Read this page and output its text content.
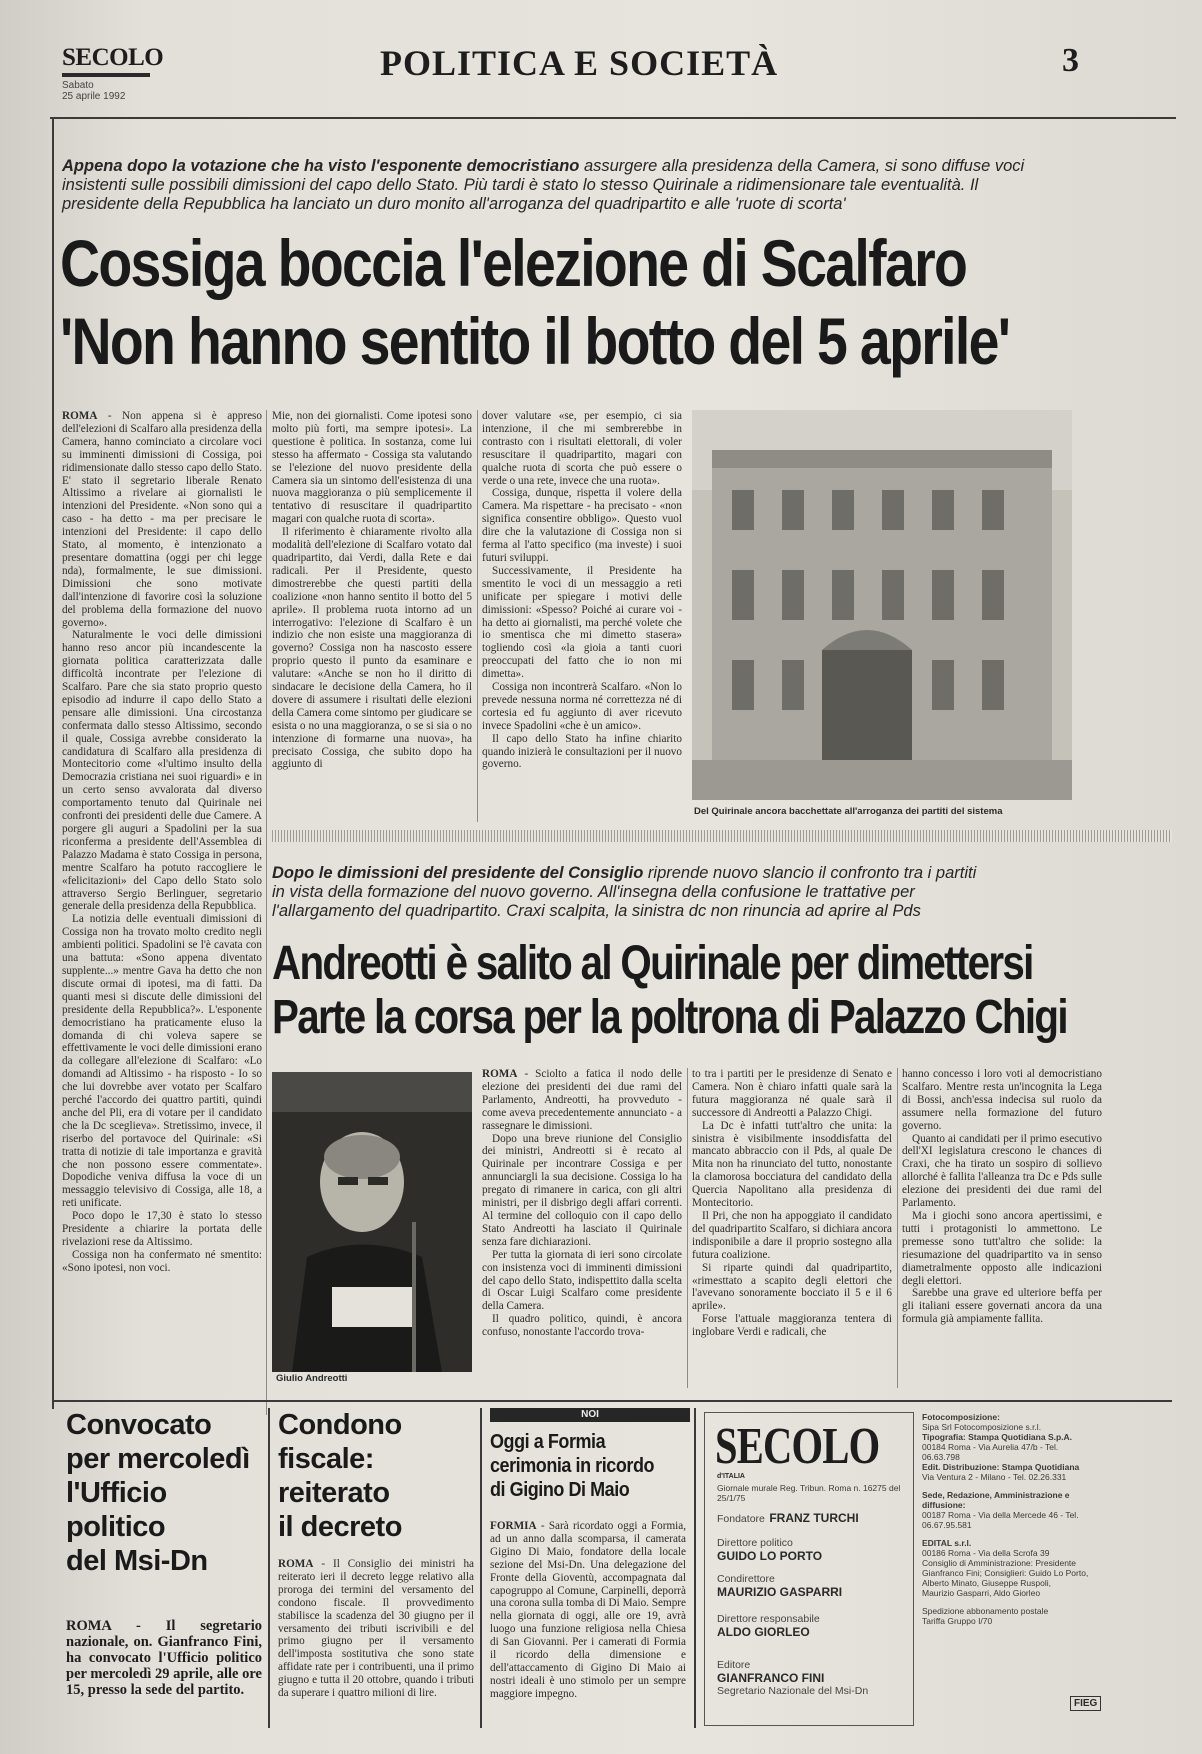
SECOLO
Sabato
25 aprile 1992
POLITICA E SOCIETÀ	3
Appena dopo la votazione che ha visto l'esponente democristiano assurgere alla presidenza della Camera, si sono diffuse voci insistenti sulle possibili dimissioni del capo dello Stato. Più tardi è stato lo stesso Quirinale a ridimensionare tale eventualità. Il presidente della Repubblica ha lanciato un duro monito all'arroganza del quadripartito e alle 'ruote di scorta'
Cossiga boccia l'elezione di Scalfaro
'Non hanno sentito il botto del 5 aprile'

ROMA - Non appena si è appreso dell'elezioni di Scalfaro alla presidenza della Camera, hanno cominciato a circolare voci su imminenti dimissioni di Cossiga, poi ridimensionate dallo stesso capo dello Stato. E' stato il segretario liberale Renato Altissimo a rivelare ai giornalisti le intenzioni del Presidente. «Non sono qui a caso - ha detto - ma per precisare le intenzioni del Presidente: il capo dello Stato, al momento, è intenzionato a presentare domattina (oggi per chi legge nda), formalmente, le sue dimissioni. Dimissioni che sono motivate dall'intenzione di favorire così la soluzione del problema della formazione del nuovo governo».

Naturalmente le voci delle dimissioni hanno reso ancor più incandescente la giornata politica caratterizzata dalle difficoltà incontrate per l'elezione di Scalfaro. Pare che sia stato proprio questo episodio ad indurre il capo dello Stato a pensare alle dimissioni. Una circostanza confermata dallo stesso Altissimo, secondo il quale, Cossiga avrebbe considerato la candidatura di Scalfaro alla presidenza di Montecitorio come «l'ultimo insulto della Democrazia cristiana nei suoi riguardi» e in un certo senso avvalorata dal diverso comportamento tenuto dal Quirinale nei confronti dei presidenti delle due Camere. A porgere gli auguri a Spadolini per la sua riconferma a presidente dell'Assemblea di Palazzo Madama è stato Cossiga in persona, mentre Scalfaro ha potuto raccogliere le «felicitazioni» del Capo dello Stato solo attraverso Sergio Berlinguer, segretario generale della presidenza della Repubblica.

La notizia delle eventuali dimissioni di Cossiga non ha trovato molto credito negli ambienti politici. Spadolini se l'è cavata con una battuta: «Sono appena diventato supplente...» mentre Gava ha detto che non discute ormai di ipotesi, ma di fatti. Da quanti mesi si discute delle dimissioni del presidente della Repubblica?». L'esponente democristiano ha praticamente eluso la domanda di chi voleva sapere se effettivamente le voci delle dimissioni erano da collegare all'elezione di Scalfaro: «Lo domandi ad Altissimo - ha risposto - Io so che lui dovrebbe aver votato per Scalfaro perché l'accordo dei quattro partiti, quindi anche del Pli, era di votare per il candidato che la Dc sceglieva». Stretissimo, invece, il riserbo del portavoce del Quirinale: «Si tratta di notizie di tale importanza e gravità che non possono essere commentate». Dopodiche veniva diffusa la voce di un messaggio televisivo di Cossiga, alle 18, a reti unificate.

Poco dopo le 17,30 è stato lo stesso Presidente a chiarire la portata delle rivelazioni rese da Altissimo.

Cossiga non ha confermato né smentito: «Sono ipotesi, non voci.

Mie, non dei giornalisti. Come ipotesi sono molto più forti, ma sempre ipotesi». La questione è politica. In sostanza, come lui stesso ha affermato - Cossiga sta valutando se l'elezione del nuovo presidente della Camera sia un sintomo dell'esistenza di una nuova maggioranza o più semplicemente il tentativo di resuscitare il quadripartito magari con qualche ruota di scorta».

Il riferimento è chiaramente rivolto alla modalità dell'elezione di Scalfaro votato dal quadripartito, dai Verdi, dalla Rete e dai radicali. Per il Presidente, questo dimostrerebbe che questi partiti della coalizione «non hanno sentito il botto del 5 aprile». Il problema ruota intorno ad un interrogativo: l'elezione di Scalfaro è un indizio che non esiste una maggioranza di governo? Cossiga non ha nascosto essere proprio questo il punto da esaminare e valutare: «Anche se non ho il diritto di sindacare le decisione della Camera, ho il dovere di assumere i risultati delle elezioni della Camera come sintomo per giudicare se esista o no una maggioranza, o se si sia o no intenzione di formarne una nuova», ha precisato Cossiga, che subito dopo ha aggiunto di

dover valutare «se, per esempio, ci sia intenzione, il che mi sembrerebbe in contrasto con i risultati elettorali, di voler resuscitare il quadripartito, magari con qualche ruota di scorta che può essere o verde o una rete, invece che una ruota».

Cossiga, dunque, rispetta il volere della Camera. Ma rispettare - ha precisato - «non significa consentire obbligo». Questo vuol dire che la valutazione di Cossiga non si ferma al l'atto specifico (ma investe) i suoi futuri sviluppi.

Successivamente, il Presidente ha smentito le voci di un messaggio a reti unificate per spiegare i motivi delle dimissioni: «Spesso? Poiché ai curare voi - ha detto ai giornalisti, ma perché volete che io smentisca che mi dimetto stasera» togliendo così «la gioia a tanti cuori preoccupati del fatto che io non mi dimetta».

Cossiga non incontrerà Scalfaro. «Non lo prevede nessuna norma né correttezza né di cortesia ed fu aggiunto di aver ricevuto invece Spadolini «che è un amico».

Il capo dello Stato ha infine chiarito quando inizierà le consultazioni per il nuovo governo.

Del Quirinale ancora bacchettate all'arroganza dei partiti del sistema
Dopo le dimissioni del presidente del Consiglio riprende nuovo slancio il confronto tra i partiti in vista della formazione del nuovo governo. All'insegna della confusione le trattative per l'allargamento del quadripartito. Craxi scalpita, la sinistra dc non rinuncia ad aprire al Pds
Andreotti è salito al Quirinale per dimettersi
Parte la corsa per la poltrona di Palazzo Chigi
Giulio Andreotti

ROMA - Sciolto a fatica il nodo delle elezione dei presidenti dei due rami del Parlamento, Andreotti, ha provveduto - come aveva precedentemente annunciato - a rassegnare le dimissioni.

Dopo una breve riunione del Consiglio dei ministri, Andreotti si è recato al Quirinale per incontrare Cossiga e per annunciargli la sua decisione. Cossiga lo ha pregato di rimanere in carica, con gli altri ministri, per il disbrigo degli affari correnti. Al termine del colloquio con il capo dello Stato Andreotti ha lasciato il Quirinale senza fare dichiarazioni.

Per tutta la giornata di ieri sono circolate con insistenza voci di imminenti dimissioni del capo dello Stato, indispettito dalla scelta di Oscar Luigi Scalfaro come presidente della Camera.

Il quadro politico, quindi, è ancora confuso, nonostante l'accordo trova-

to tra i partiti per le presidenze di Senato e Camera. Non è chiaro infatti quale sarà la futura maggioranza né quale sarà il successore di Andreotti a Palazzo Chigi.

La Dc è infatti tutt'altro che unita: la sinistra è visibilmente insoddisfatta del mancato abbraccio con il Pds, al quale De Mita non ha rinunciato del tutto, nonostante la clamorosa bocciatura del candidato della Quercia Napolitano alla presidenza di Montecitorio.

Il Pri, che non ha appoggiato il candidato del quadripartito Scalfaro, si dichiara ancora indisponibile a dare il proprio sostegno alla futura coalizione.

Si riparte quindi dal quadripartito, «rimesttato a scapito degli elettori che l'avevano sonoramente bocciato il 5 e il 6 aprile».

Forse l'attuale maggioranza tentera di inglobare Verdi e radicali, che

hanno concesso i loro voti al democristiano Scalfaro. Mentre resta un'incognita la Lega di Bossi, anch'essa indecisa sul ruolo da assumere nella formazione del futuro governo.

Quanto ai candidati per il primo esecutivo dell'XI legislatura crescono le chances di Craxi, che ha tirato un sospiro di sollievo allorché è fallita l'alleanza tra Dc e Pds sulle elezione dei presidenti dei due rami del Parlamento.

Ma i giochi sono ancora apertissimi, e tutti i protagonisti lo ammettono. Le premesse sono tutt'altro che solide: la riesumazione del quadripartito va in senso diametralmente opposto alle indicazioni degli elettori.

Sarebbe una grave ed ulteriore beffa per gli italiani essere governati ancora da una formula già ampiamente fallita.

Convocato
per mercoledì
l'Ufficio
politico
del Msi-Dn
ROMA - Il segretario nazionale, on. Gianfranco Fini, ha convocato l'Ufficio politico per mercoledì 29 aprile, alle ore 15, presso la sede del partito.
Condono
fiscale:
reiterato
il decreto

ROMA - Il Consiglio dei ministri ha reiterato ieri il decreto legge relativo alla proroga dei termini del versamento del condono fiscale. Il provvedimento stabilisce la scadenza del 30 giugno per il versamento dei tributi iscrivibili e del primo giugno per il versamento dell'imposta sostitutiva che sono state affidate rate per i contribuenti, una il primo giugno e tutta il 20 ottobre, quando i tributi da superare i quattro milioni di lire.

NOI
Oggi a Formia
cerimonia in ricordo
di Gigino Di Maio

FORMIA - Sarà ricordato oggi a Formia, ad un anno dalla scomparsa, il camerata Gigino Di Maio, fondatore della locale sezione del Msi-Dn. Una delegazione del Fronte della Gioventù, accompagnata dal capogruppo al Comune, Carpinelli, deporrà una corona sulla tomba di Di Maio. Sempre nella giornata di oggi, alle ore 19, avrà luogo una funzione religiosa nella Chiesa di San Giovanni. Per i camerati di Formia il ricordo della dimensione e dell'attaccamento di Gigino Di Maio ai nostri ideali è uno stimolo per un sempre maggiore impegno.

SECOLO
d'ITALIA
Giornale murale Reg. Tribun. Roma n. 16275 del 25/1/75
Fondatore FRANZ TURCHI
Direttore politico
GUIDO LO PORTO
Condirettore
MAURIZIO GASPARRI
Direttore responsabile
ALDO GIORLEO
Editore
GIANFRANCO FINI
Segretario Nazionale del Msi-Dn
Fotocomposizione:
Sipa Srl Fotocomposizione s.r.l.
Tipografia: Stampa Quotidiana S.p.A.
00184 Roma - Via Aurelia 47/b - Tel. 06.63.798
Edit. Distribuzione: Stampa Quotidiana
Via Ventura 2 - Milano - Tel. 02.26.331
Sede, Redazione, Amministrazione e diffusione:
00187 Roma - Via della Mercede 46 - Tel. 06.67.95.581
EDITAL s.r.l.
00186 Roma - Via della Scrofa 39
Consiglio di Amministrazione: Presidente
Gianfranco Fini; Consiglieri: Guido Lo Porto,
Alberto Minato, Giuseppe Ruspoli,
Maurizio Gasparri, Aldo Giorleo
Spedizione abbonamento postale
Tariffa Gruppo I/70
FIEG
